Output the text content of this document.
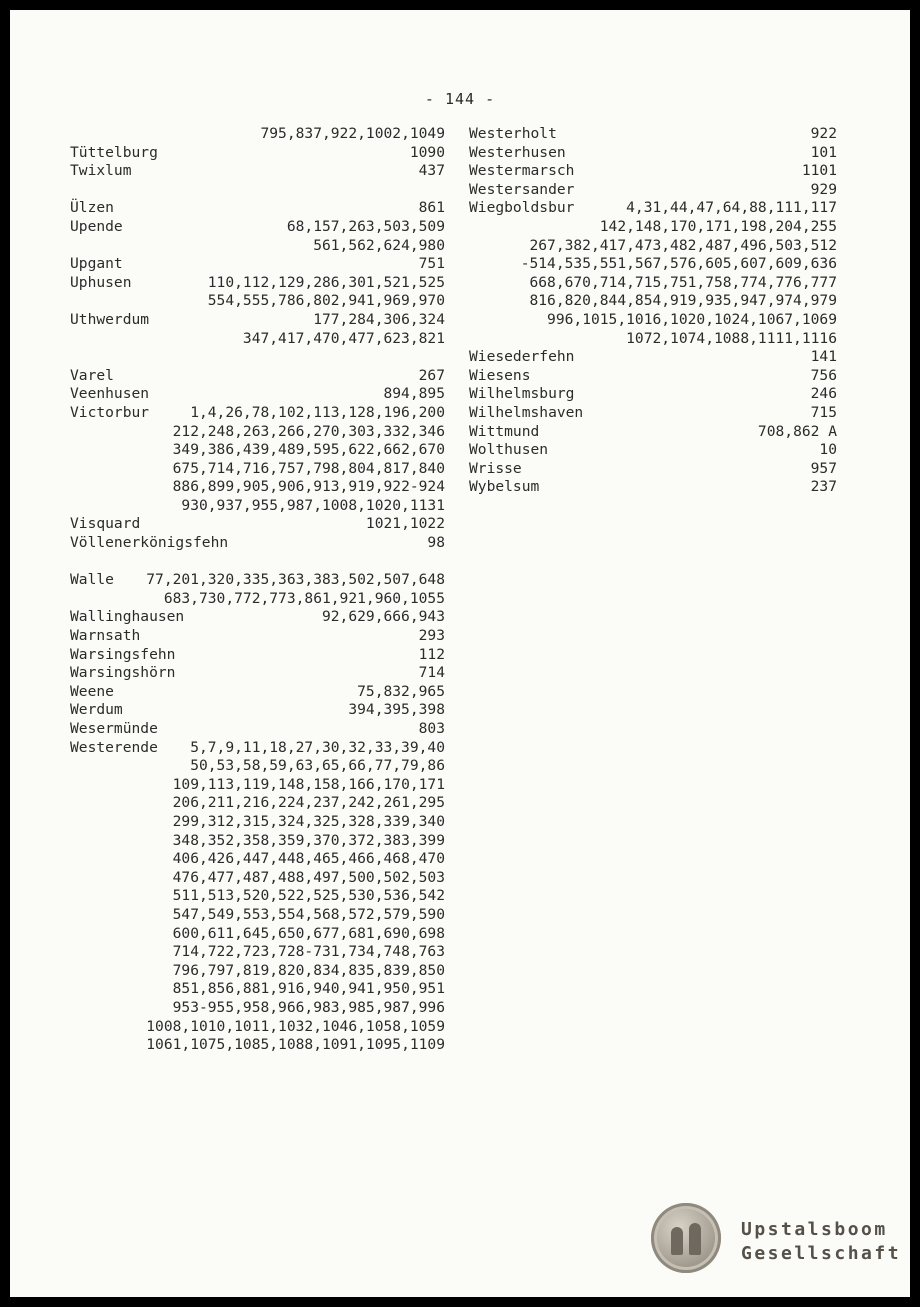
- 144 -
795,837,922,1002,1049
Tüttelburg	1090
Twixlum	437
Ülzen	861
Upende	68,157,263,503,509
561,562,624,980
Upgant	751
Uphusen	110,112,129,286,301,521,525
554,555,786,802,941,969,970
Uthwerdum	177,284,306,324
347,417,470,477,623,821
Varel	267
Veenhusen	894,895
Victorbur	1,4,26,78,102,113,128,196,200
212,248,263,266,270,303,332,346
349,386,439,489,595,622,662,670
675,714,716,757,798,804,817,840
886,899,905,906,913,919,922-924
930,937,955,987,1008,1020,1131
Visquard	1021,1022
Völlenerkönigsfehn	98
Walle 77,201,320,335,363,383,502,507,648
683,730,772,773,861,921,960,1055
Wallinghausen	92,629,666,943
Warnsath	293
Warsingsfehn	112
Warsingshörn	714
Weene	75,832,965
Werdum	394,395,398
Wesermünde	803
Westerende 5,7,9,11,18,27,30,32,33,39,40
50,53,58,59,63,65,66,77,79,86
109,113,119,148,158,166,170,171
206,211,216,224,237,242,261,295
299,312,315,324,325,328,339,340
348,352,358,359,370,372,383,399
406,426,447,448,465,466,468,470
476,477,487,488,497,500,502,503
511,513,520,522,525,530,536,542
547,549,553,554,568,572,579,590
600,611,645,650,677,681,690,698
714,722,723,728-731,734,748,763
796,797,819,820,834,835,839,850
851,856,881,916,940,941,950,951
953-955,958,966,983,985,987,996
1008,1010,1011,1032,1046,1058,1059
1061,1075,1085,1088,1091,1095,1109
Westerholt	922
Westerhusen	101
Westermarsch	1101
Westersander	929
Wiegboldsbur	4,31,44,47,64,88,111,117
142,148,170,171,198,204,255
267,382,417,473,482,487,496,503,512
-514,535,551,567,576,605,607,609,636
668,670,714,715,751,758,774,776,777
816,820,844,854,919,935,947,974,979
996,1015,1016,1020,1024,1067,1069
1072,1074,1088,1111,1116
Wiesederfehn	141
Wiesens	756
Wilhelmsburg	246
Wilhelmshaven	715
Wittmund	708,862 A
Wolthusen	10
Wrisse	957
Wybelsum	237
Upstalsboom
Gesellschaft
